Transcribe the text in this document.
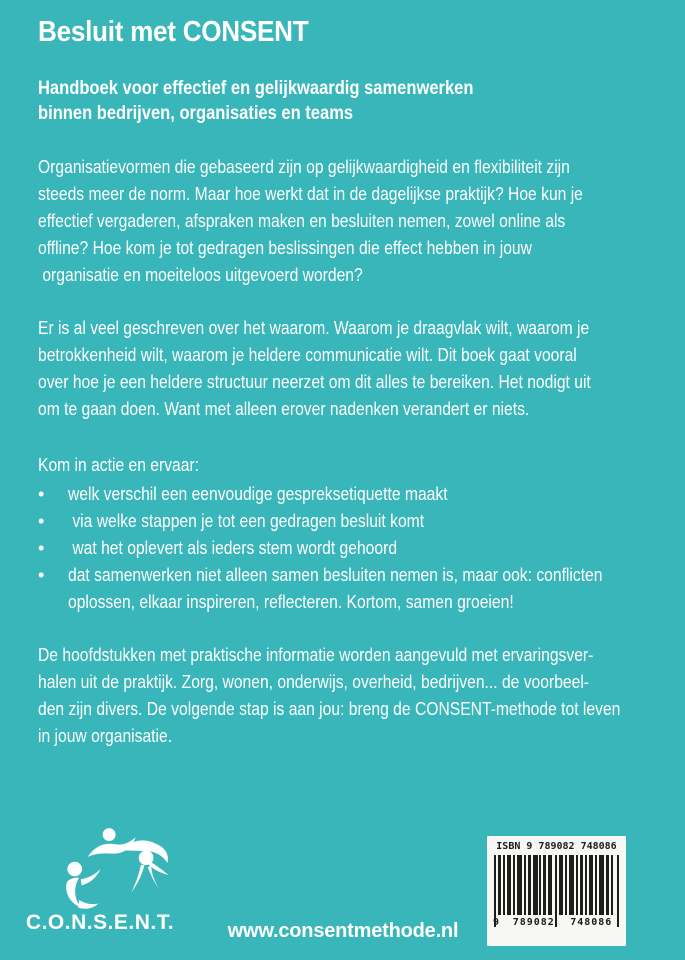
Besluit met CONSENT
Handboek voor effectief en gelijkwaardig samenwerken
binnen bedrijven, organisaties en teams
Organisatievormen die gebaseerd zijn op gelijkwaardigheid en flexibiliteit zijn
steeds meer de norm. Maar hoe werkt dat in de dagelijkse praktijk? Hoe kun je
effectief vergaderen, afspraken maken en besluiten nemen, zowel online als
offline? Hoe kom je tot gedragen beslissingen die effect hebben in jouw
organisatie en moeiteloos uitgevoerd worden?
Er is al veel geschreven over het waarom. Waarom je draagvlak wilt, waarom je
betrokkenheid wilt, waarom je heldere communicatie wilt. Dit boek gaat vooral
over hoe je een heldere structuur neerzet om dit alles te bereiken. Het nodigt uit
om te gaan doen. Want met alleen erover nadenken verandert er niets.
Kom in actie en ervaar:
•	welk verschil een eenvoudige gespreksetiquette maakt
•	via welke stappen je tot een gedragen besluit komt
•	wat het oplevert als ieders stem wordt gehoord
•	dat samenwerken niet alleen samen besluiten nemen is, maar ook: conflicten
oplossen, elkaar inspireren, reflecteren. Kortom, samen groeien!
De hoofdstukken met praktische informatie worden aangevuld met ervaringsver-
halen uit de praktijk. Zorg, wonen, onderwijs, overheid, bedrijven... de voorbeel-
den zijn divers. De volgende stap is aan jou: breng de CONSENT-methode tot leven
in jouw organisatie.
C.O.N.S.E.N.T.	www.consentmethode.nl
ISBN 9 789082 748086
9	789082	748086
